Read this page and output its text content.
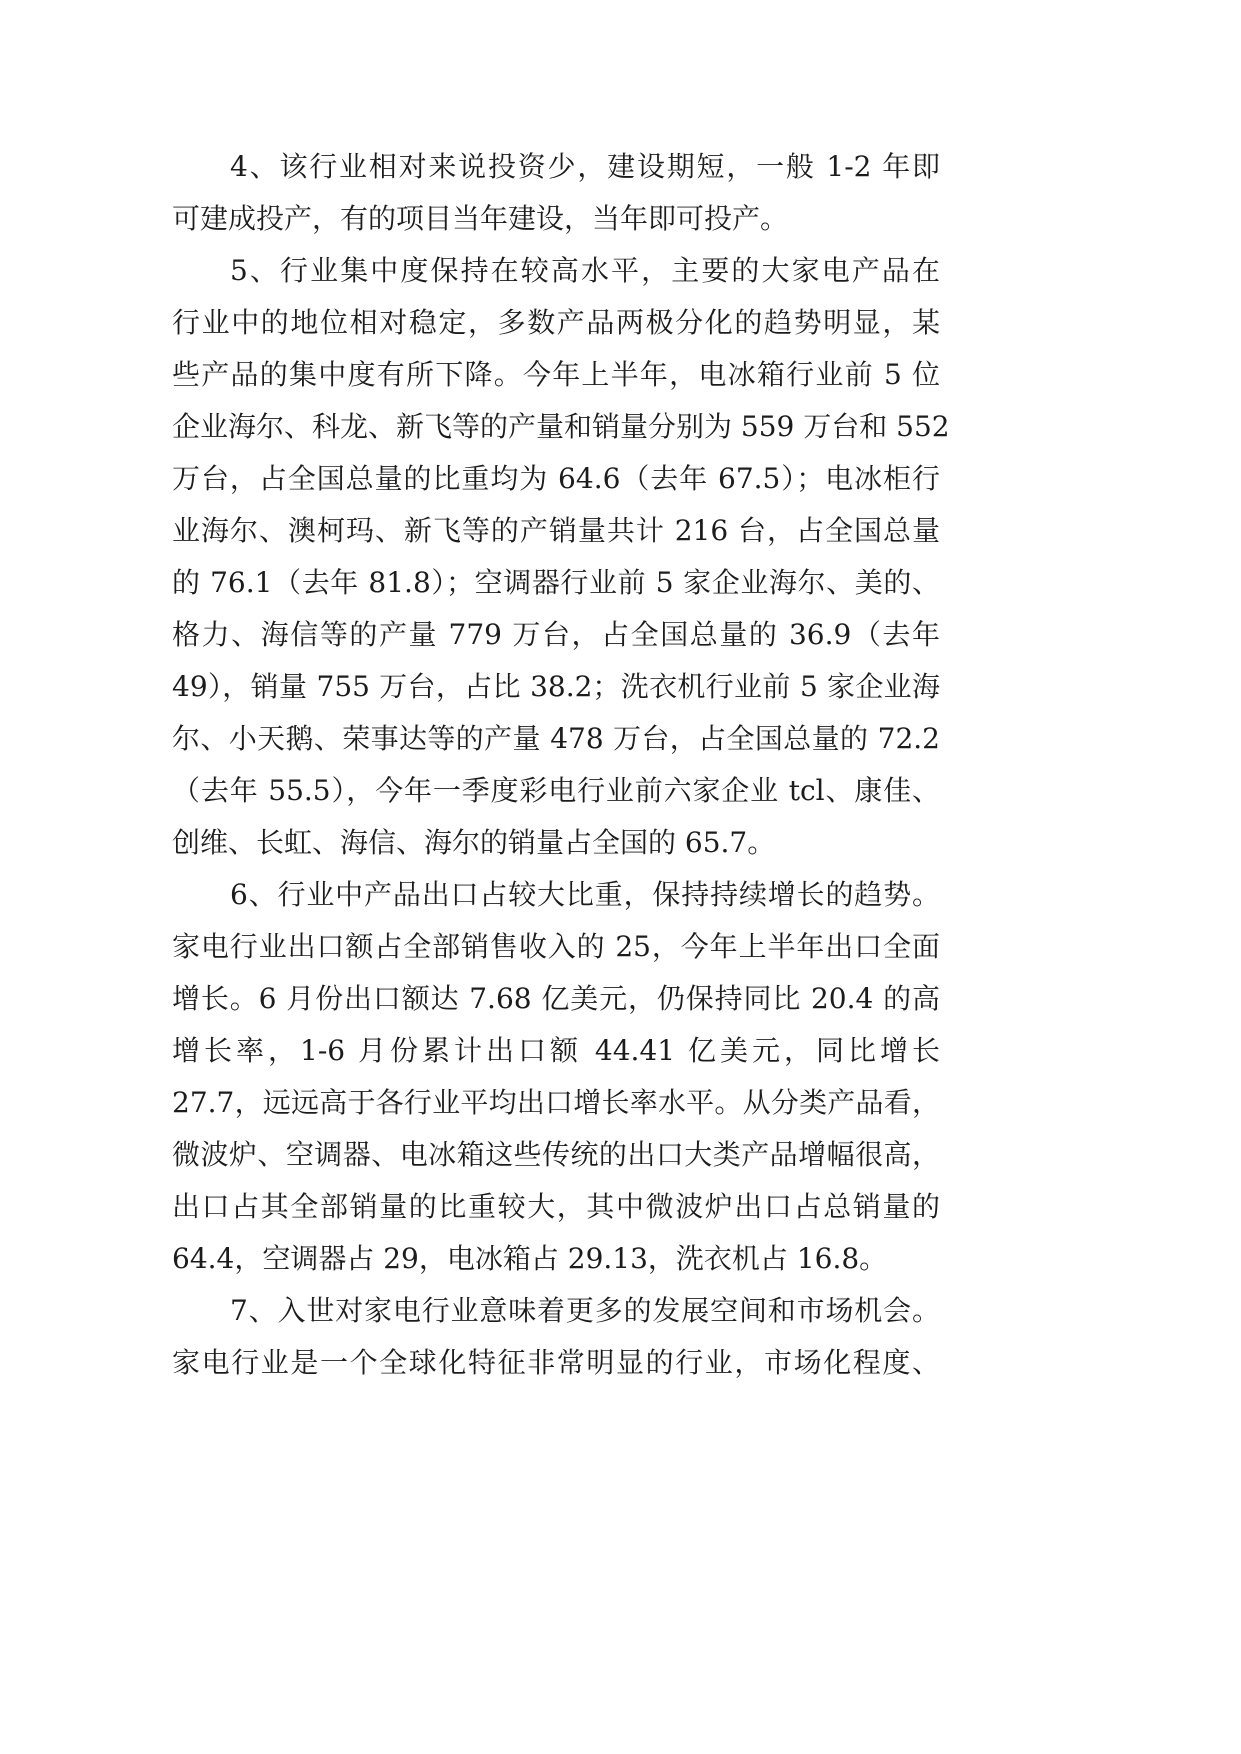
4、该行业相对来说投资少，建设期短，一般 1-2 年即
可建成投产，有的项目当年建设，当年即可投产。
5、行业集中度保持在较高水平，主要的大家电产品在
行业中的地位相对稳定，多数产品两极分化的趋势明显，某
些产品的集中度有所下降。今年上半年，电冰箱行业前 5 位
企业海尔、科龙、新飞等的产量和销量分别为 559 万台和 552
万台，占全国总量的比重均为 64.6（去年 67.5）；电冰柜行
业海尔、澳柯玛、新飞等的产销量共计 216 台，占全国总量
的 76.1（去年 81.8）；空调器行业前 5 家企业海尔、美的、
格力、海信等的产量 779 万台，占全国总量的 36.9（去年
49），销量 755 万台，占比 38.2；洗衣机行业前 5 家企业海
尔、小天鹅、荣事达等的产量 478 万台，占全国总量的 72.2
（去年 55.5），今年一季度彩电行业前六家企业 tcl、康佳、
创维、长虹、海信、海尔的销量占全国的 65.7。
6、行业中产品出口占较大比重，保持持续增长的趋势。
家电行业出口额占全部销售收入的 25，今年上半年出口全面
增长。6 月份出口额达 7.68 亿美元，仍保持同比 20.4 的高
增长率，1-6 月份累计出口额 44.41 亿美元，同比增长
27.7，远远高于各行业平均出口增长率水平。从分类产品看，
微波炉、空调器、电冰箱这些传统的出口大类产品增幅很高，
出口占其全部销量的比重较大，其中微波炉出口占总销量的
64.4，空调器占 29，电冰箱占 29.13，洗衣机占 16.8。
7、入世对家电行业意味着更多的发展空间和市场机会。
家电行业是一个全球化特征非常明显的行业，市场化程度、
